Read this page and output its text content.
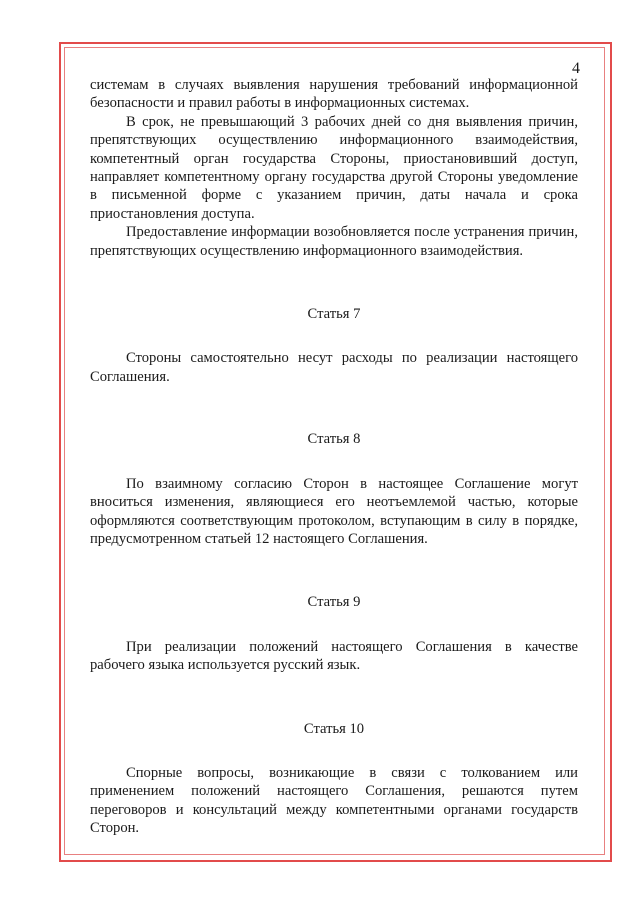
4

системам в случаях выявления нарушения требований информационной безопасности и правил работы в информационных системах.

В срок, не превышающий 3 рабочих дней со дня выявления причин, препятствующих осуществлению информационного взаимодействия, компетентный орган государства Стороны, приостановивший доступ, направляет компетентному органу государства другой Стороны уведомление в письменной форме с указанием причин, даты начала и срока приостановления доступа.

Предоставление информации возобновляется после устранения причин, препятствующих осуществлению информационного взаимодействия.

Статья 7

Стороны самостоятельно несут расходы по реализации настоящего Соглашения.

Статья 8

По взаимному согласию Сторон в настоящее Соглашение могут вноситься изменения, являющиеся его неотъемлемой частью, которые оформляются соответствующим протоколом, вступающим в силу в порядке, предусмотренном статьей 12 настоящего Соглашения.

Статья 9

При реализации положений настоящего Соглашения в качестве рабочего языка используется русский язык.

Статья 10

Спорные вопросы, возникающие в связи с толкованием или применением положений настоящего Соглашения, решаются путем переговоров и консультаций между компетентными органами государств Сторон.
